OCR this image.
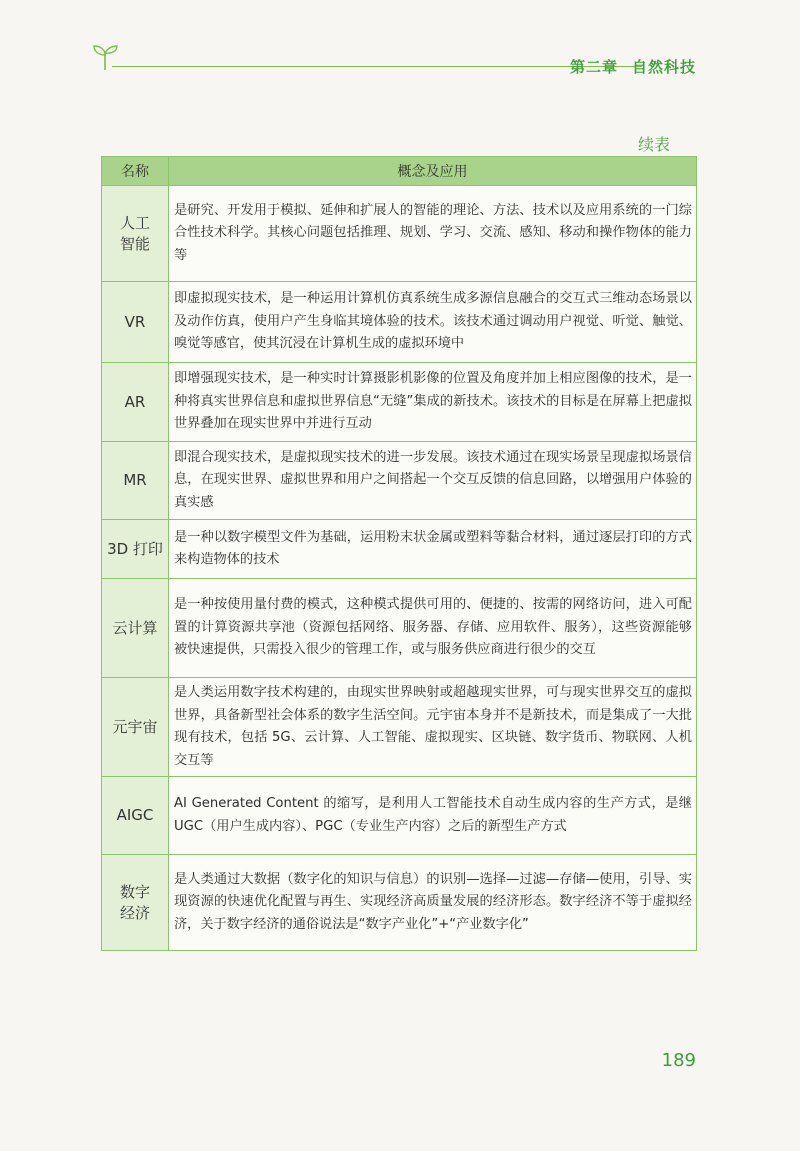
第二章 自然科技
续表
名称	概念及应用
人工智能	是研究、开发用于模拟、延伸和扩展人的智能的理论、方法、技术以及应用系统的一门综合性技术科学。其核心问题包括推理、规划、学习、交流、感知、移动和操作物体的能力等
VR	即虚拟现实技术，是一种运用计算机仿真系统生成多源信息融合的交互式三维动态场景以及动作仿真，使用户产生身临其境体验的技术。该技术通过调动用户视觉、听觉、触觉、嗅觉等感官，使其沉浸在计算机生成的虚拟环境中
AR	即增强现实技术，是一种实时计算摄影机影像的位置及角度并加上相应图像的技术，是一种将真实世界信息和虚拟世界信息“无缝”集成的新技术。该技术的目标是在屏幕上把虚拟世界叠加在现实世界中并进行互动
MR	即混合现实技术，是虚拟现实技术的进一步发展。该技术通过在现实场景呈现虚拟场景信息，在现实世界、虚拟世界和用户之间搭起一个交互反馈的信息回路，以增强用户体验的真实感
3D 打印	是一种以数字模型文件为基础，运用粉末状金属或塑料等黏合材料，通过逐层打印的方式来构造物体的技术
云计算	是一种按使用量付费的模式，这种模式提供可用的、便捷的、按需的网络访问，进入可配置的计算资源共享池（资源包括网络、服务器、存储、应用软件、服务），这些资源能够被快速提供，只需投入很少的管理工作，或与服务供应商进行很少的交互
元宇宙	是人类运用数字技术构建的，由现实世界映射或超越现实世界，可与现实世界交互的虚拟世界，具备新型社会体系的数字生活空间。元宇宙本身并不是新技术，而是集成了一大批现有技术，包括 5G、云计算、人工智能、虚拟现实、区块链、数字货币、物联网、人机交互等
AIGC	AI Generated Content 的缩写，是利用人工智能技术自动生成内容的生产方式，是继 UGC（用户生成内容）、PGC（专业生产内容）之后的新型生产方式
数字经济	是人类通过大数据（数字化的知识与信息）的识别—选择—过滤—存储—使用，引导、实现资源的快速优化配置与再生、实现经济高质量发展的经济形态。数字经济不等于虚拟经济，关于数字经济的通俗说法是“数字产业化”+“产业数字化”
189
